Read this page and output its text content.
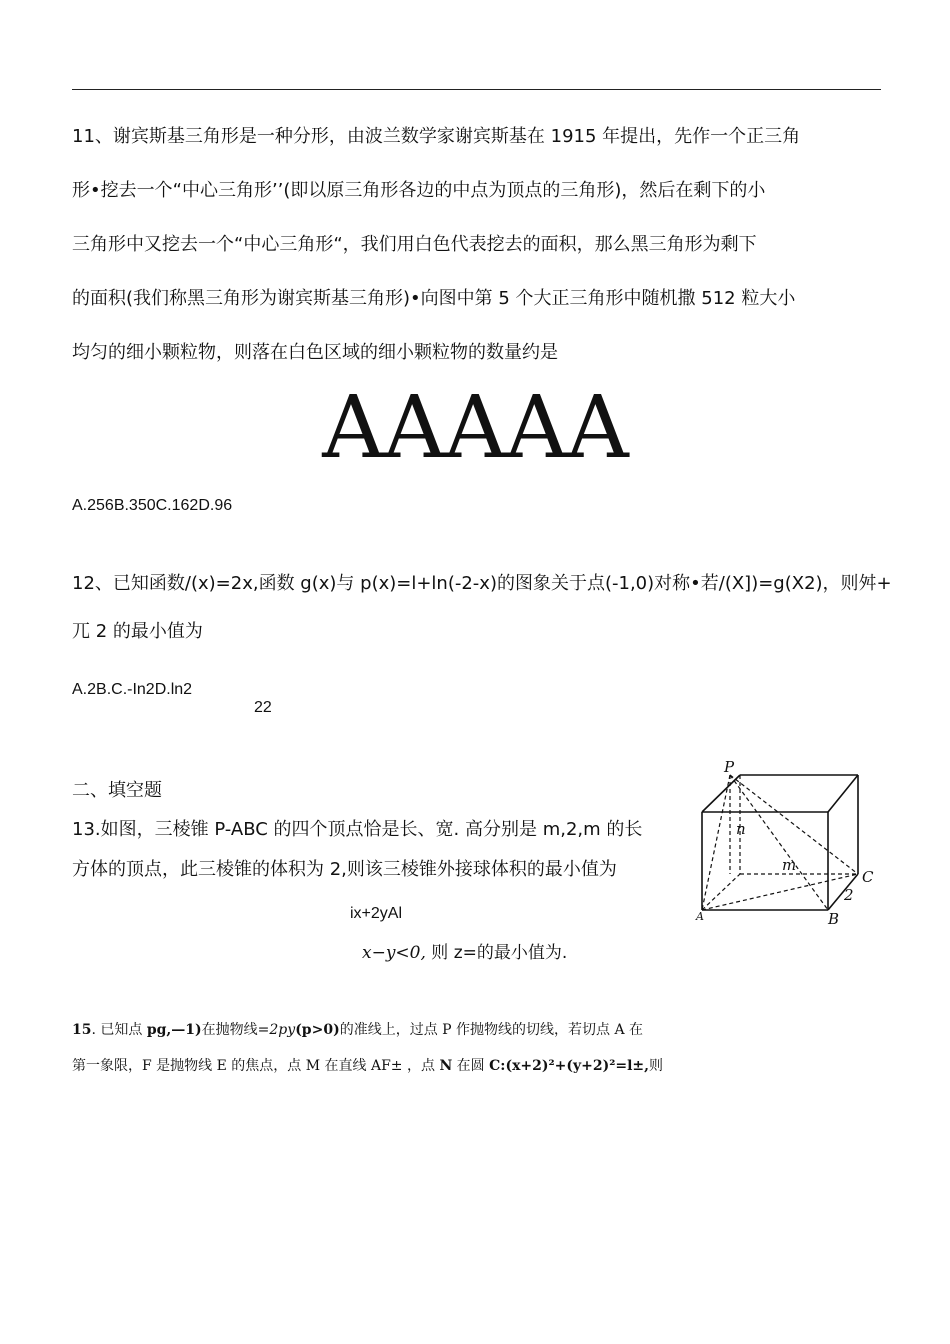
11、谢宾斯基三角形是一种分形，由波兰数学家谢宾斯基在 1915 年提出，先作一个正三角

形•挖去一个“中心三角形’’(即以原三角形各边的中点为顶点的三角形)，然后在剩下的小

三角形中又挖去一个“中心三角形“，我们用白色代表挖去的面积，那么黑三角形为剩下

的面积(我们称黑三角形为谢宾斯基三角形)•向图中第 5 个大正三角形中随机撒 512 粒大小

均匀的细小颗粒物，则落在白色区域的细小颗粒物的数量约是

AAAAA
A.256B.350C.162D.96

12、已知函数/(x)=2x,函数 g(x)与 p(x)=l+ln(-2-x)的图象关于点(-1,0)对称•若/(X])=g(X2)，则舛+

兀 2 的最小值为

A.2B.C.-In2D.ln2
22
二、填空题

13.如图，三棱锥 P-ABC 的四个顶点恰是长、宽. 高分别是 m,2,m 的长

方体的顶点，此三棱锥的体积为 2,则该三棱锥外接球体积的最小值为

P
n
m
C
A	B
2
ix+2yAl
x−y<0, 则 z=的最小值为.

15. 已知点 pg,—1)在抛物线=2py(p>0)的准线上，过点 P 作抛物线的切线，若切点 A 在

第一象限，F 是抛物线 E 的焦点，点 M 在直线 AF± ，点 N 在圆 C:(x+2)²+(y+2)²=l±,则
